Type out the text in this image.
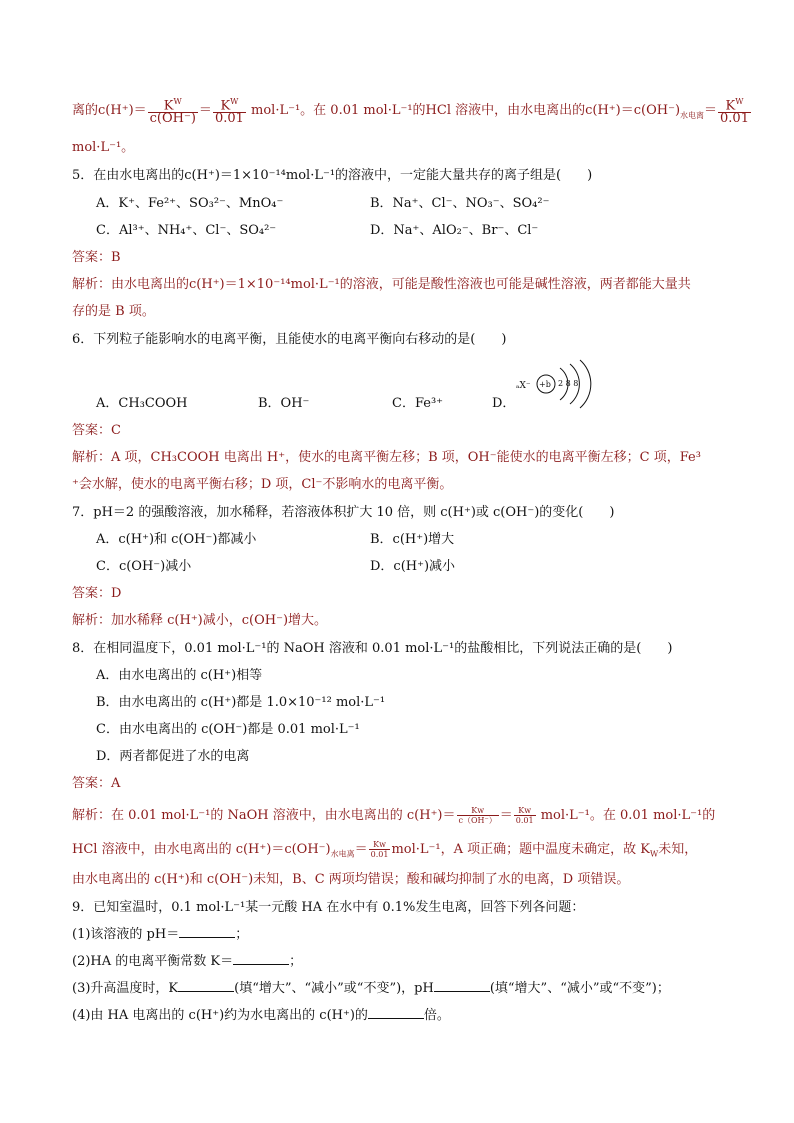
离的$c(H^+)= \frac{K^W}{c(OH^-)} = \frac{K^W}{0.01} mol\cdot L^{-1}$。在 0.01 mol·L⁻¹的HCl 溶液中，由水电离出的$c(H^+)=c(OH^-)_{水电离}= \frac{K^W}{0.01}$
mol·L⁻¹。
5．在由水电离出的c(H⁺)＝1×10⁻¹⁴mol·L⁻¹的溶液中，一定能大量共存的离子组是(　　)
A．K⁺、Fe²⁺、SO₃²⁻、MnO₄⁻	B．Na⁺、Cl⁻、NO₃⁻、SO₄²⁻
C．Al³⁺、NH₄⁺、Cl⁻、SO₄²⁻	D．Na⁺、AlO₂⁻、Br⁻、Cl⁻
答案：B
解析：由水电离出的c(H⁺)＝1×10⁻¹⁴mol·L⁻¹的溶液，可能是酸性溶液也可能是碱性溶液，两者都能大量共
存的是 B 项。
6．下列粒子能影响水的电离平衡，且能使水的电离平衡向右移动的是(　　)
A．CH₃COOH	B．OH⁻	C．Fe³⁺	D．
ₐX⁻ +b 2 8 8
答案：C
解析：A 项，CH₃COOH 电离出 H⁺，使水的电离平衡左移；B 项，OH⁻能使水的电离平衡左移；C 项，Fe³
⁺会水解，使水的电离平衡右移；D 项，Cl⁻不影响水的电离平衡。
7．pH＝2 的强酸溶液，加水稀释，若溶液体积扩大 10 倍，则 c(H⁺)或 c(OH⁻)的变化(　　)
A．c(H⁺)和 c(OH⁻)都减小	B．c(H⁺)增大
C．c(OH⁻)减小	D．c(H⁺)减小
答案：D
解析：加水稀释 c(H⁺)减小，c(OH⁻)增大。
8．在相同温度下，0.01 mol·L⁻¹的 NaOH 溶液和 0.01 mol·L⁻¹的盐酸相比，下列说法正确的是(　　)
A．由水电离出的 c(H⁺)相等
B．由水电离出的 c(H⁺)都是 1.0×10⁻¹² mol·L⁻¹
C．由水电离出的 c(OH⁻)都是 0.01 mol·L⁻¹
D．两者都促进了水的电离
答案：A
解析：在 0.01 mol·L⁻¹的 NaOH 溶液中，由水电离出的 $c(H^+)= \frac{Kw}{c(OH^-)} = \frac{Kw}{0.01} mol\cdot L^{-1}$。在 0.01 mol·L⁻¹的
HCl 溶液中，由水电离出的 $c(H^+)=c(OH^-)_{水电离}= \frac{Kw}{0.01} mol\cdot L^{-1}$，A 项正确；题中温度未确定，故 $K_W$未知，
由水电离出的 c(H⁺)和 c(OH⁻)未知，B、C 两项均错误；酸和碱均抑制了水的电离，D 项错误。
9．已知室温时，0.1 mol·L⁻¹某一元酸 HA 在水中有 0.1%发生电离，回答下列各问题：
(1)该溶液的 pH＝	；
(2)HA 的电离平衡常数 K＝	；
(3)升高温度时，K	(填“增大”、“减小”或“不变”)，pH	(填“增大”、“减小”或“不变”)；
(4)由 HA 电离出的 c(H⁺)约为水电离出的 c(H⁺)的	倍。
